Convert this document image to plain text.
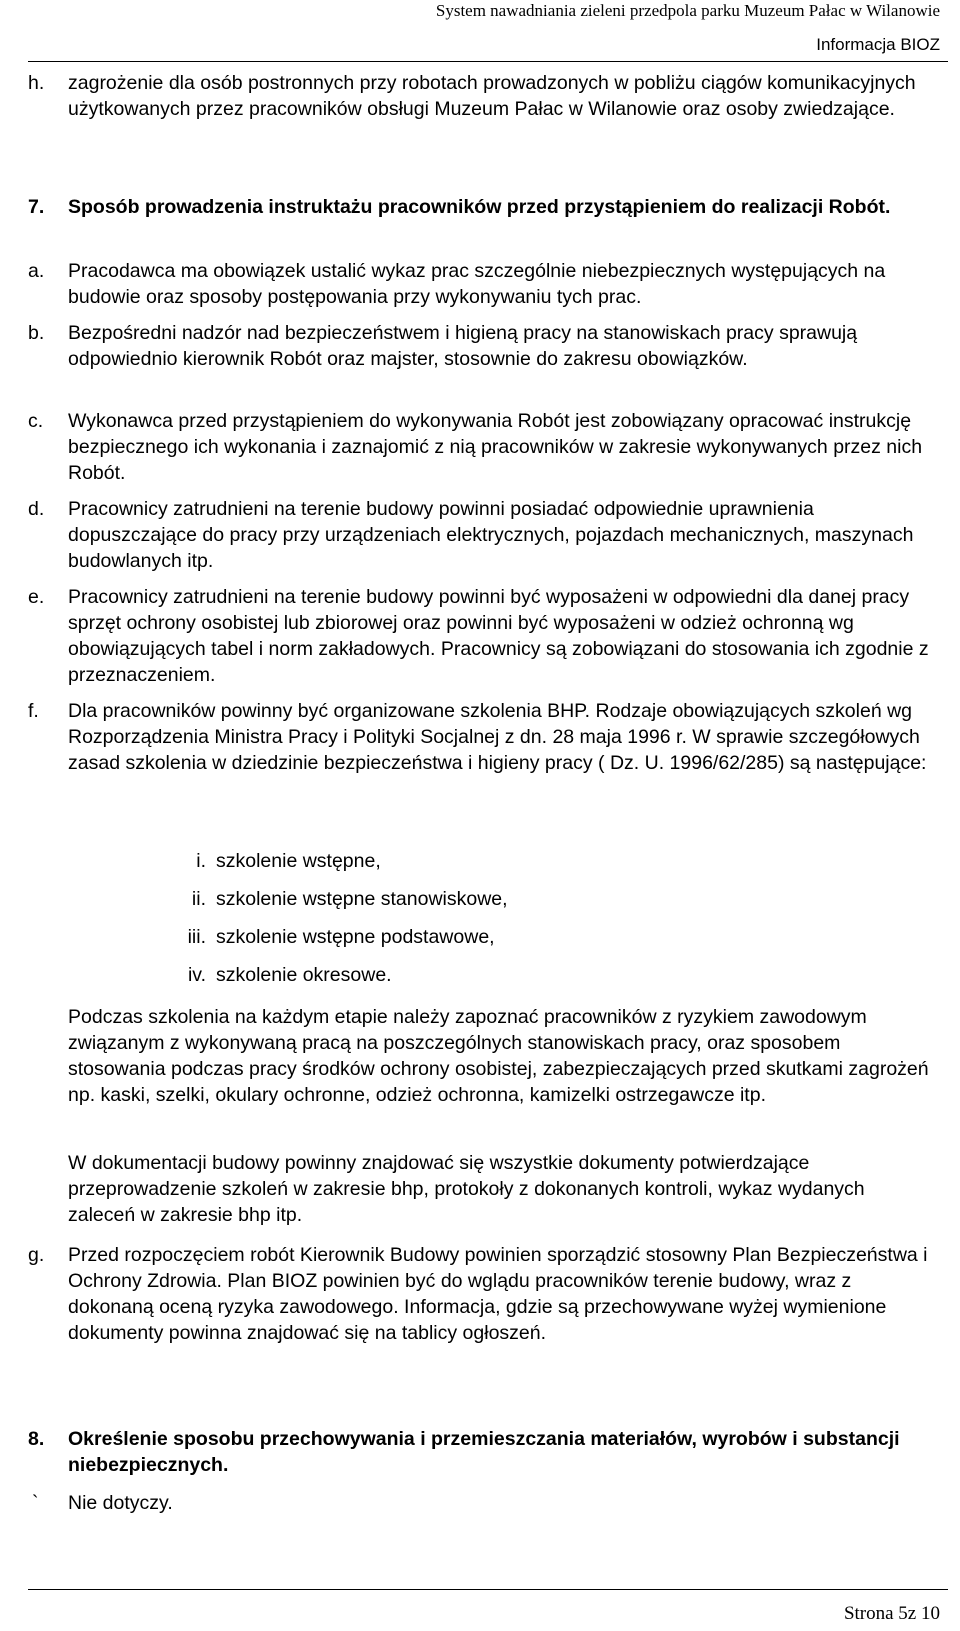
System nawadniania zieleni przedpola parku Muzeum Pałac w Wilanowie
Informacja BIOZ
h. zagrożenie dla osób postronnych przy robotach prowadzonych w pobliżu ciągów komunikacyjnych użytkowanych przez pracowników obsługi Muzeum Pałac w Wilanowie oraz osoby zwiedzające.
7. Sposób prowadzenia instruktażu pracowników przed przystąpieniem do realizacji Robót.
a. Pracodawca ma obowiązek ustalić wykaz prac szczególnie niebezpiecznych występujących na budowie oraz sposoby postępowania przy wykonywaniu tych prac.
b. Bezpośredni nadzór nad bezpieczeństwem i higieną pracy na stanowiskach pracy sprawują odpowiednio kierownik Robót oraz majster, stosownie do zakresu obowiązków.
c. Wykonawca przed przystąpieniem do wykonywania Robót jest zobowiązany opracować instrukcję bezpiecznego ich wykonania i zaznajomić z nią pracowników w zakresie wykonywanych przez nich Robót.
d. Pracownicy zatrudnieni na terenie budowy powinni posiadać odpowiednie uprawnienia dopuszczające do pracy przy urządzeniach elektrycznych, pojazdach mechanicznych, maszynach budowlanych itp.
e. Pracownicy zatrudnieni na terenie budowy powinni być wyposażeni w odpowiedni dla danej pracy sprzęt ochrony osobistej lub zbiorowej oraz powinni być wyposażeni w odzież ochronną wg obowiązujących tabel i norm zakładowych. Pracownicy są zobowiązani do stosowania ich zgodnie z przeznaczeniem.
f. Dla pracowników powinny być organizowane szkolenia BHP. Rodzaje obowiązujących szkoleń wg Rozporządzenia Ministra Pracy i Polityki Socjalnej z dn. 28 maja 1996 r. W sprawie szczegółowych zasad szkolenia w dziedzinie bezpieczeństwa i higieny pracy ( Dz. U. 1996/62/285) są następujące:
i. szkolenie wstępne,
ii. szkolenie wstępne stanowiskowe,
iii. szkolenie wstępne podstawowe,
iv. szkolenie okresowe.
Podczas szkolenia na każdym etapie należy zapoznać pracowników z ryzykiem zawodowym związanym z wykonywaną pracą na poszczególnych stanowiskach pracy, oraz sposobem stosowania podczas pracy środków ochrony osobistej, zabezpieczających przed skutkami zagrożeń np. kaski, szelki, okulary ochronne, odzież ochronna, kamizelki ostrzegawcze itp.
W dokumentacji budowy powinny znajdować się wszystkie dokumenty potwierdzające przeprowadzenie szkoleń w zakresie bhp, protokoły z dokonanych kontroli, wykaz wydanych zaleceń w zakresie bhp itp.
g. Przed rozpoczęciem robót Kierownik Budowy powinien sporządzić stosowny Plan Bezpieczeństwa i Ochrony Zdrowia. Plan BIOZ powinien być do wglądu pracowników terenie budowy, wraz z dokonaną oceną ryzyka zawodowego. Informacja, gdzie są przechowywane wyżej wymienione dokumenty powinna znajdować się na tablicy ogłoszeń.
8. Określenie sposobu przechowywania i przemieszczania materiałów, wyrobów i substancji niebezpiecznych.
` Nie dotyczy.
Strona 5z 10
